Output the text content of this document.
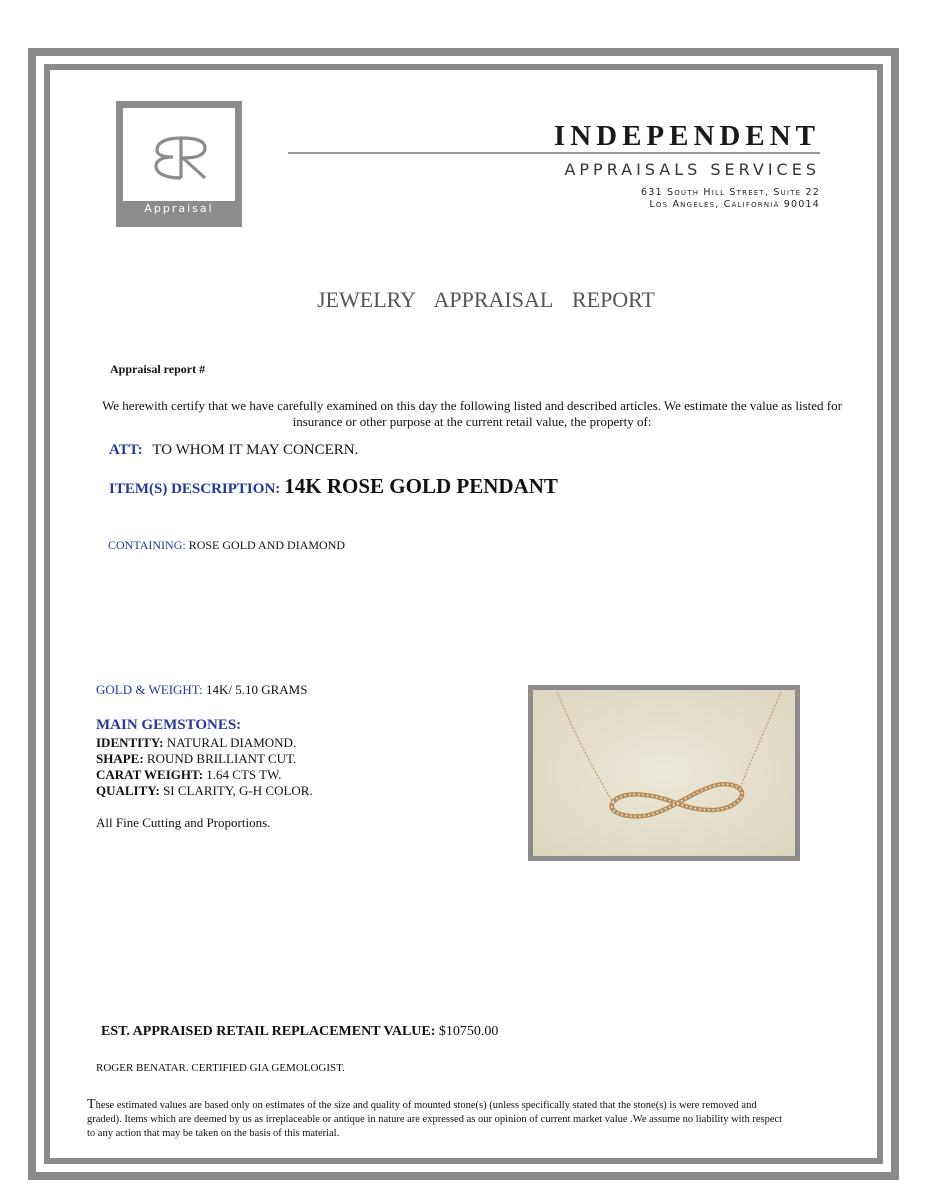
Appraisal
INDEPENDENT
APPRAISALS SERVICES
631 South Hill Street, Suite 22
Los Angeles, California 90014
JEWELRY APPRAISAL REPORT
Appraisal report #
We herewith certify that we have carefully examined on this day the following listed and described articles. We estimate the value as listed for insurance or other purpose at the current retail value, the property of:
ATT: TO WHOM IT MAY CONCERN.
ITEM(S) DESCRIPTION: 14K ROSE GOLD PENDANT
CONTAINING: ROSE GOLD AND DIAMOND
GOLD & WEIGHT: 14K/ 5.10 GRAMS
MAIN GEMSTONES:
IDENTITY: NATURAL DIAMOND.
SHAPE: ROUND BRILLIANT CUT.
CARAT WEIGHT: 1.64 CTS TW.
QUALITY: SI CLARITY, G-H COLOR.
All Fine Cutting and Proportions.
EST. APPRAISED RETAIL REPLACEMENT VALUE: $10750.00
ROGER BENATAR. CERTIFIED GIA GEMOLOGIST.
These estimated values are based only on estimates of the size and quality of mounted stone(s) (unless specifically stated that the stone(s) is were removed and graded). Items which are deemed by us as irreplaceable or antique in nature are expressed as our opinion of current market value .We assume no liability with respect to any action that may be taken on the basis of this material.
